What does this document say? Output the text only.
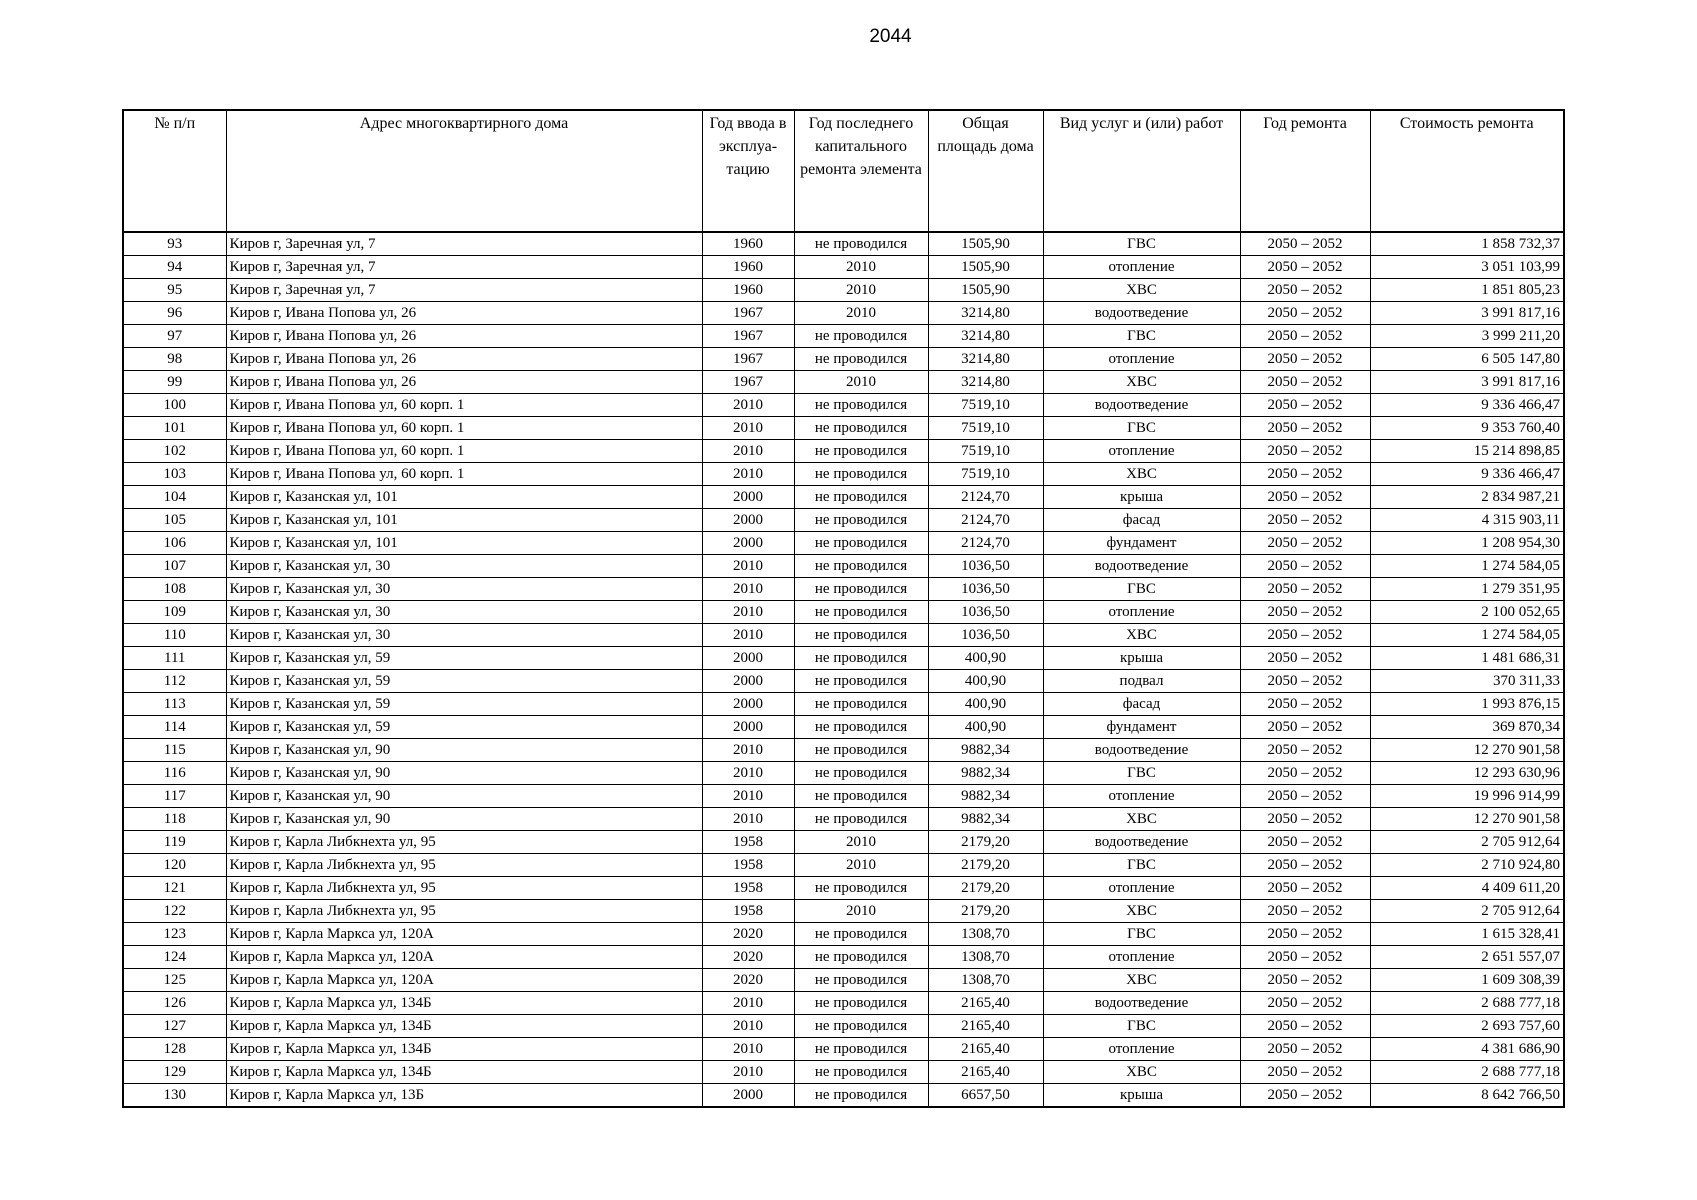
2044
№ п/п	Адрес многоквартирного дома	Год ввода в эксплуа-тацию	Год последнего капитального ремонта элемента	Общая площадь дома	Вид услуг и (или) работ	Год ремонта	Стоимость ремонта
93	Киров г, Заречная ул, 7	1960	не проводился	1505,90	ГВС	2050 – 2052	1 858 732,37
94	Киров г, Заречная ул, 7	1960	2010	1505,90	отопление	2050 – 2052	3 051 103,99
95	Киров г, Заречная ул, 7	1960	2010	1505,90	ХВС	2050 – 2052	1 851 805,23
96	Киров г, Ивана Попова ул, 26	1967	2010	3214,80	водоотведение	2050 – 2052	3 991 817,16
97	Киров г, Ивана Попова ул, 26	1967	не проводился	3214,80	ГВС	2050 – 2052	3 999 211,20
98	Киров г, Ивана Попова ул, 26	1967	не проводился	3214,80	отопление	2050 – 2052	6 505 147,80
99	Киров г, Ивана Попова ул, 26	1967	2010	3214,80	ХВС	2050 – 2052	3 991 817,16
100	Киров г, Ивана Попова ул, 60 корп. 1	2010	не проводился	7519,10	водоотведение	2050 – 2052	9 336 466,47
101	Киров г, Ивана Попова ул, 60 корп. 1	2010	не проводился	7519,10	ГВС	2050 – 2052	9 353 760,40
102	Киров г, Ивана Попова ул, 60 корп. 1	2010	не проводился	7519,10	отопление	2050 – 2052	15 214 898,85
103	Киров г, Ивана Попова ул, 60 корп. 1	2010	не проводился	7519,10	ХВС	2050 – 2052	9 336 466,47
104	Киров г, Казанская ул, 101	2000	не проводился	2124,70	крыша	2050 – 2052	2 834 987,21
105	Киров г, Казанская ул, 101	2000	не проводился	2124,70	фасад	2050 – 2052	4 315 903,11
106	Киров г, Казанская ул, 101	2000	не проводился	2124,70	фундамент	2050 – 2052	1 208 954,30
107	Киров г, Казанская ул, 30	2010	не проводился	1036,50	водоотведение	2050 – 2052	1 274 584,05
108	Киров г, Казанская ул, 30	2010	не проводился	1036,50	ГВС	2050 – 2052	1 279 351,95
109	Киров г, Казанская ул, 30	2010	не проводился	1036,50	отопление	2050 – 2052	2 100 052,65
110	Киров г, Казанская ул, 30	2010	не проводился	1036,50	ХВС	2050 – 2052	1 274 584,05
111	Киров г, Казанская ул, 59	2000	не проводился	400,90	крыша	2050 – 2052	1 481 686,31
112	Киров г, Казанская ул, 59	2000	не проводился	400,90	подвал	2050 – 2052	370 311,33
113	Киров г, Казанская ул, 59	2000	не проводился	400,90	фасад	2050 – 2052	1 993 876,15
114	Киров г, Казанская ул, 59	2000	не проводился	400,90	фундамент	2050 – 2052	369 870,34
115	Киров г, Казанская ул, 90	2010	не проводился	9882,34	водоотведение	2050 – 2052	12 270 901,58
116	Киров г, Казанская ул, 90	2010	не проводился	9882,34	ГВС	2050 – 2052	12 293 630,96
117	Киров г, Казанская ул, 90	2010	не проводился	9882,34	отопление	2050 – 2052	19 996 914,99
118	Киров г, Казанская ул, 90	2010	не проводился	9882,34	ХВС	2050 – 2052	12 270 901,58
119	Киров г, Карла Либкнехта ул, 95	1958	2010	2179,20	водоотведение	2050 – 2052	2 705 912,64
120	Киров г, Карла Либкнехта ул, 95	1958	2010	2179,20	ГВС	2050 – 2052	2 710 924,80
121	Киров г, Карла Либкнехта ул, 95	1958	не проводился	2179,20	отопление	2050 – 2052	4 409 611,20
122	Киров г, Карла Либкнехта ул, 95	1958	2010	2179,20	ХВС	2050 – 2052	2 705 912,64
123	Киров г, Карла Маркса ул, 120А	2020	не проводился	1308,70	ГВС	2050 – 2052	1 615 328,41
124	Киров г, Карла Маркса ул, 120А	2020	не проводился	1308,70	отопление	2050 – 2052	2 651 557,07
125	Киров г, Карла Маркса ул, 120А	2020	не проводился	1308,70	ХВС	2050 – 2052	1 609 308,39
126	Киров г, Карла Маркса ул, 134Б	2010	не проводился	2165,40	водоотведение	2050 – 2052	2 688 777,18
127	Киров г, Карла Маркса ул, 134Б	2010	не проводился	2165,40	ГВС	2050 – 2052	2 693 757,60
128	Киров г, Карла Маркса ул, 134Б	2010	не проводился	2165,40	отопление	2050 – 2052	4 381 686,90
129	Киров г, Карла Маркса ул, 134Б	2010	не проводился	2165,40	ХВС	2050 – 2052	2 688 777,18
130	Киров г, Карла Маркса ул, 13Б	2000	не проводился	6657,50	крыша	2050 – 2052	8 642 766,50
